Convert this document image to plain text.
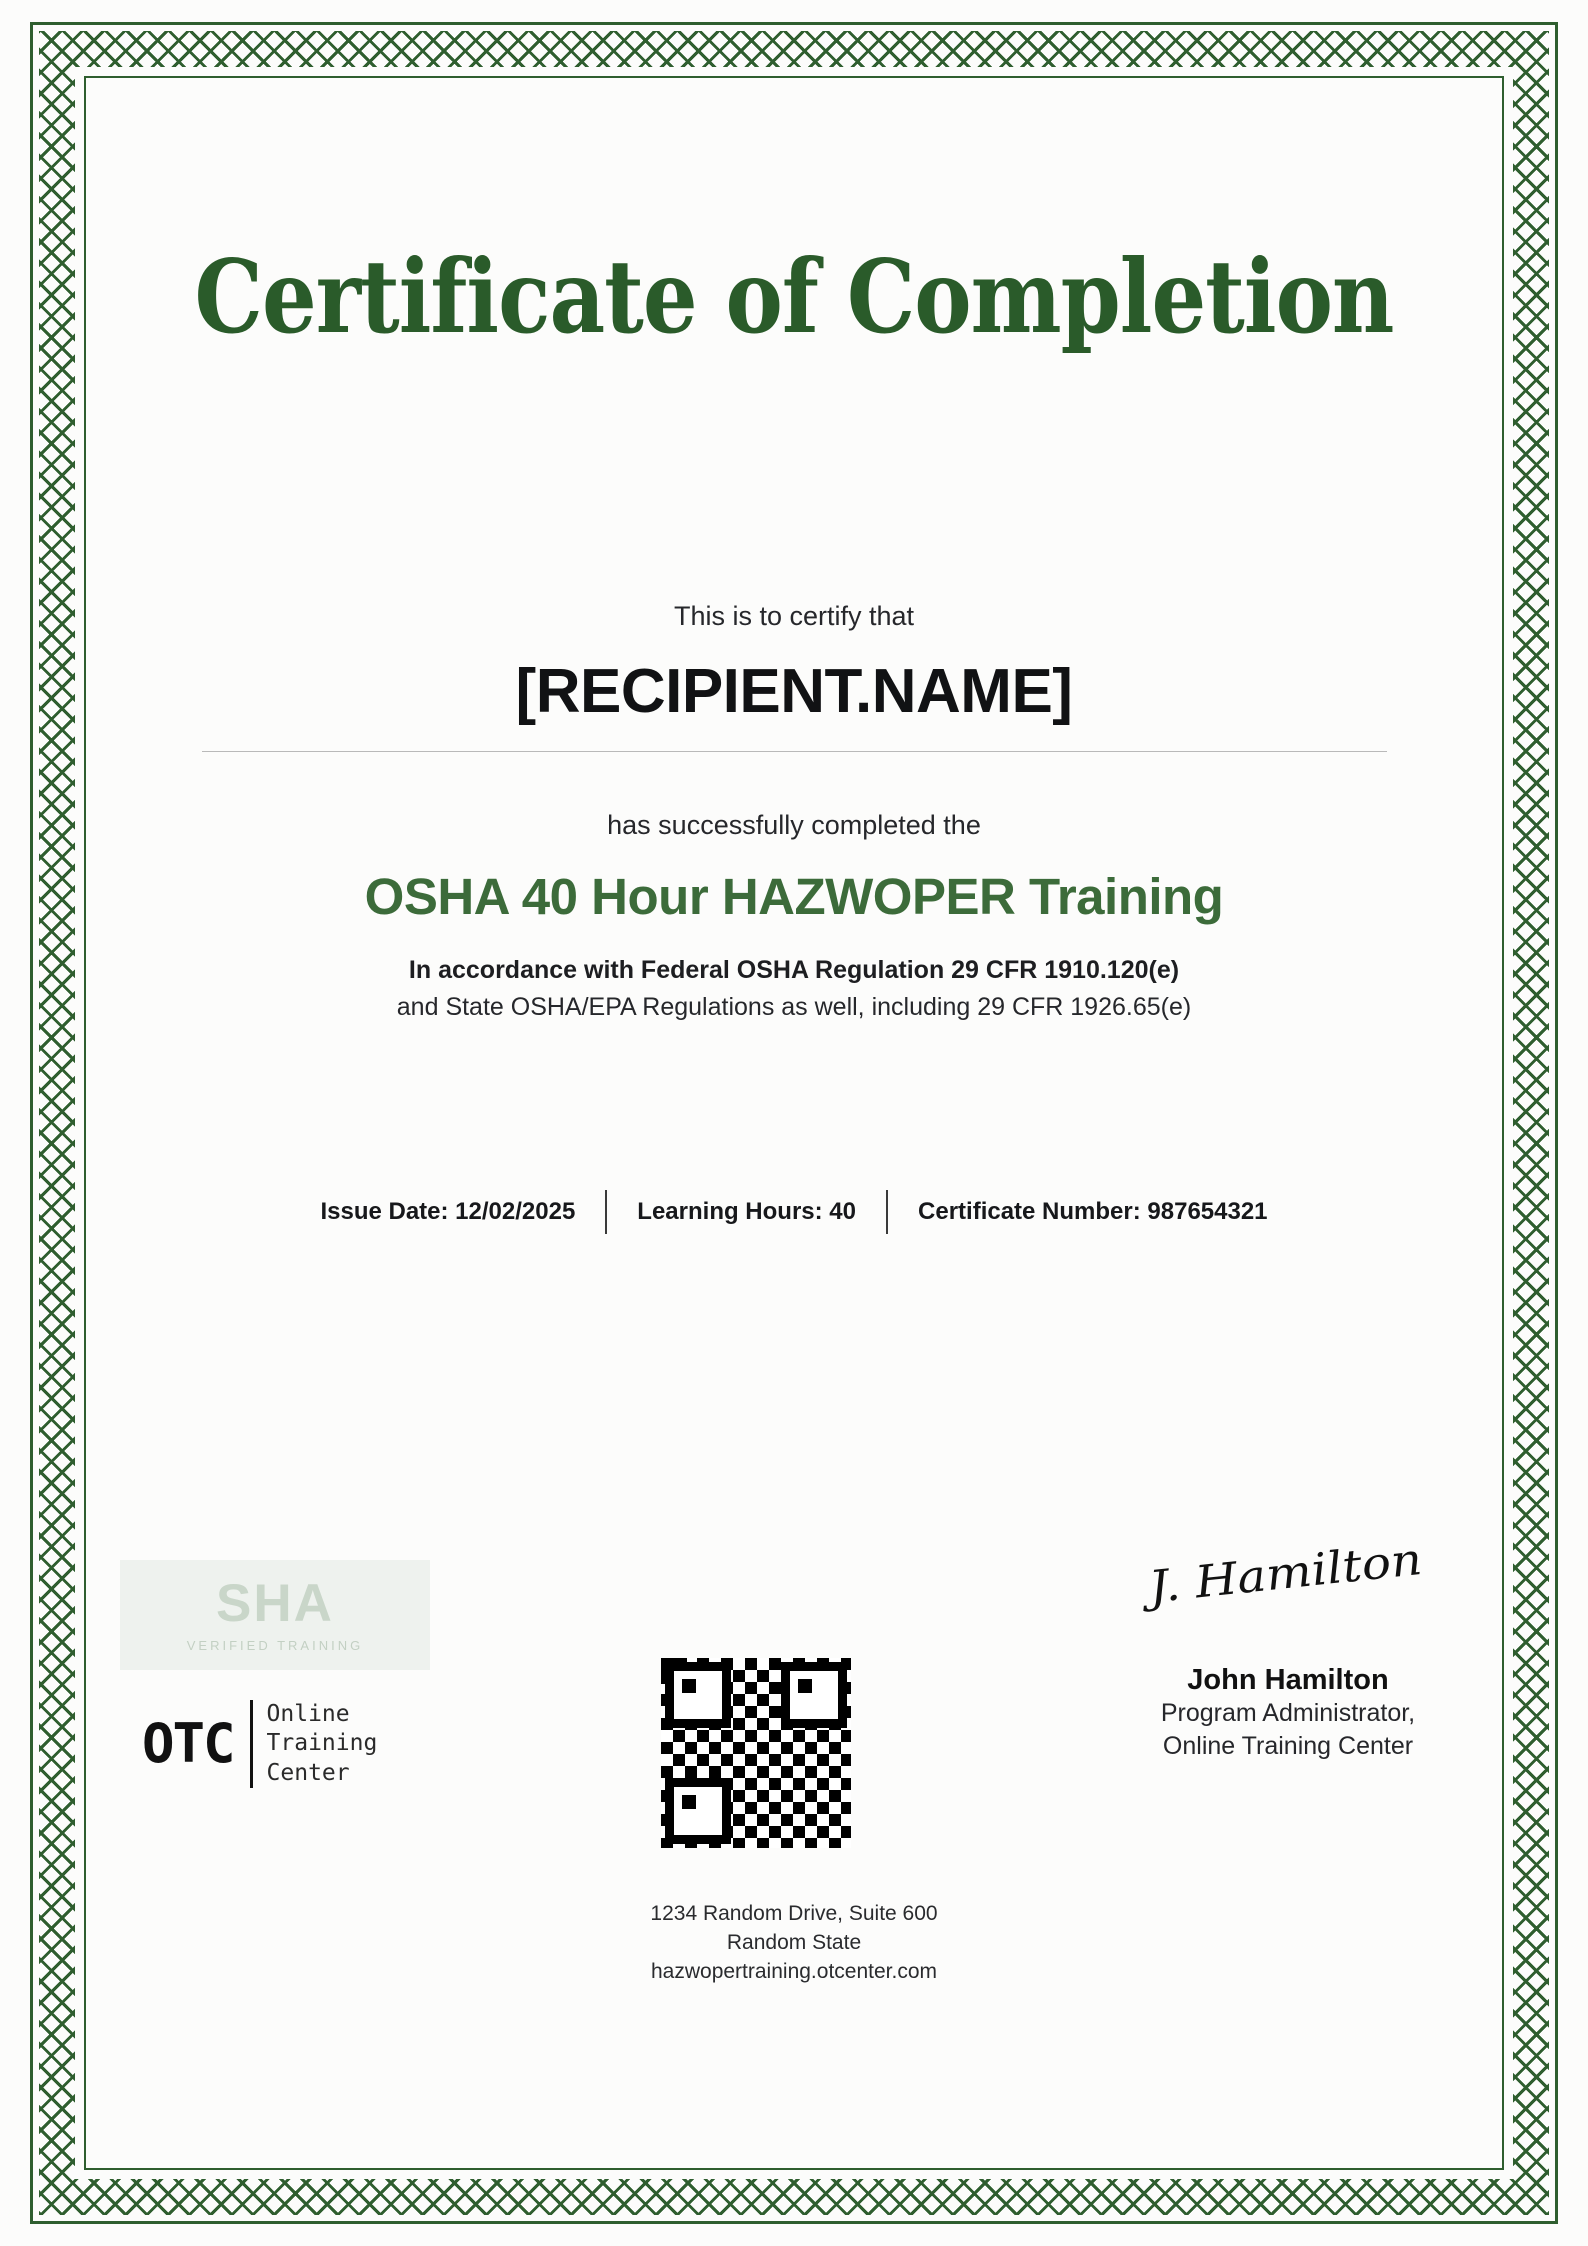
Certificate of Completion
This is to certify that
[RECIPIENT.NAME]
has successfully completed the
OSHA 40 Hour HAZWOPER Training
In accordance with Federal OSHA Regulation 29 CFR 1910.120(e)
and State OSHA/EPA Regulations as well, including 29 CFR 1926.65(e)
Issue Date: 12/02/2025	Learning Hours: 40	Certificate Number: 987654321
SHA
VERIFIED TRAINING
OTC Online
Training
Center
J. Hamilton
John Hamilton
Program Administrator,
Online Training Center
1234 Random Drive, Suite 600
Random State
hazwopertraining.otcenter.com
